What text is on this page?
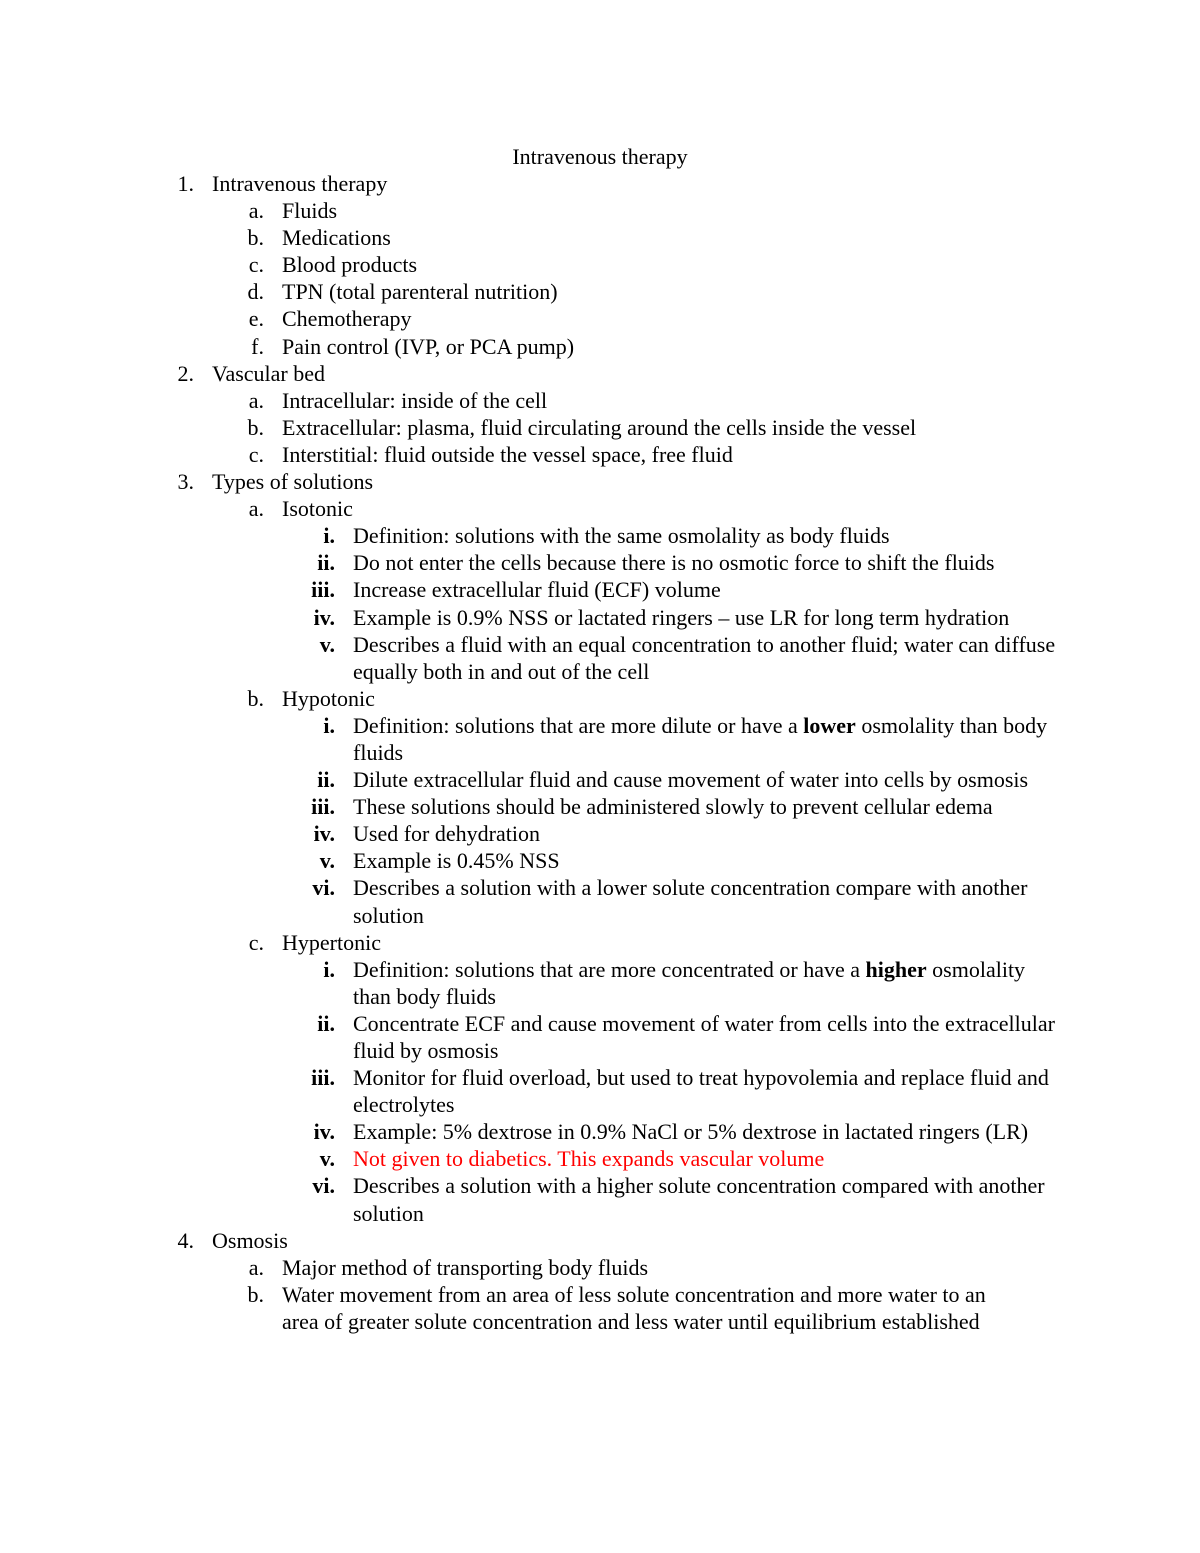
Intravenous therapy
1. Intravenous therapy
a. Fluids
b. Medications
c. Blood products
d. TPN (total parenteral nutrition)
e. Chemotherapy
f. Pain control (IVP, or PCA pump)
2. Vascular bed
a. Intracellular: inside of the cell
b. Extracellular: plasma, fluid circulating around the cells inside the vessel
c. Interstitial: fluid outside the vessel space, free fluid
3. Types of solutions
a. Isotonic
i. Definition: solutions with the same osmolality as body fluids
ii. Do not enter the cells because there is no osmotic force to shift the fluids
iii. Increase extracellular fluid (ECF) volume
iv. Example is 0.9% NSS or lactated ringers – use LR for long term hydration
v. Describes a fluid with an equal concentration to another fluid; water can diffuse equally both in and out of the cell
b. Hypotonic
i. Definition: solutions that are more dilute or have a lower osmolality than body fluids
ii. Dilute extracellular fluid and cause movement of water into cells by osmosis
iii. These solutions should be administered slowly to prevent cellular edema
iv. Used for dehydration
v. Example is 0.45% NSS
vi. Describes a solution with a lower solute concentration compare with another solution
c. Hypertonic
i. Definition: solutions that are more concentrated or have a higher osmolality than body fluids
ii. Concentrate ECF and cause movement of water from cells into the extracellular fluid by osmosis
iii. Monitor for fluid overload, but used to treat hypovolemia and replace fluid and electrolytes
iv. Example: 5% dextrose in 0.9% NaCl or 5% dextrose in lactated ringers (LR)
v. Not given to diabetics. This expands vascular volume
vi. Describes a solution with a higher solute concentration compared with another solution
4. Osmosis
a. Major method of transporting body fluids
b. Water movement from an area of less solute concentration and more water to an area of greater solute concentration and less water until equilibrium established
